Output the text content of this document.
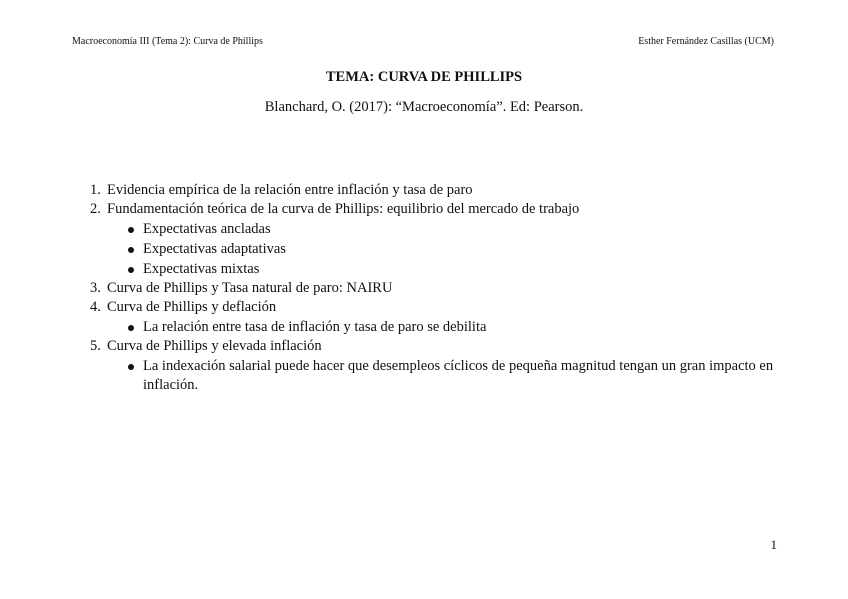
Macroeconomía III (Tema 2): Curva de Phillips	Esther Fernández Casillas (UCM)
TEMA: CURVA DE PHILLIPS
Blanchard, O. (2017): “Macroeconomía”. Ed: Pearson.
1. Evidencia empírica de la relación entre inflación y tasa de paro
2. Fundamentación teórica de la curva de Phillips: equilibrio del mercado de trabajo
Expectativas ancladas
Expectativas adaptativas
Expectativas mixtas
3. Curva de Phillips y Tasa natural de paro: NAIRU
4. Curva de Phillips y deflación
La relación entre tasa de inflación y tasa de paro se debilita
5. Curva de Phillips y elevada inflación
La indexación salarial puede hacer que desempleos cíclicos de pequeña magnitud tengan un gran impacto en inflación.
1
